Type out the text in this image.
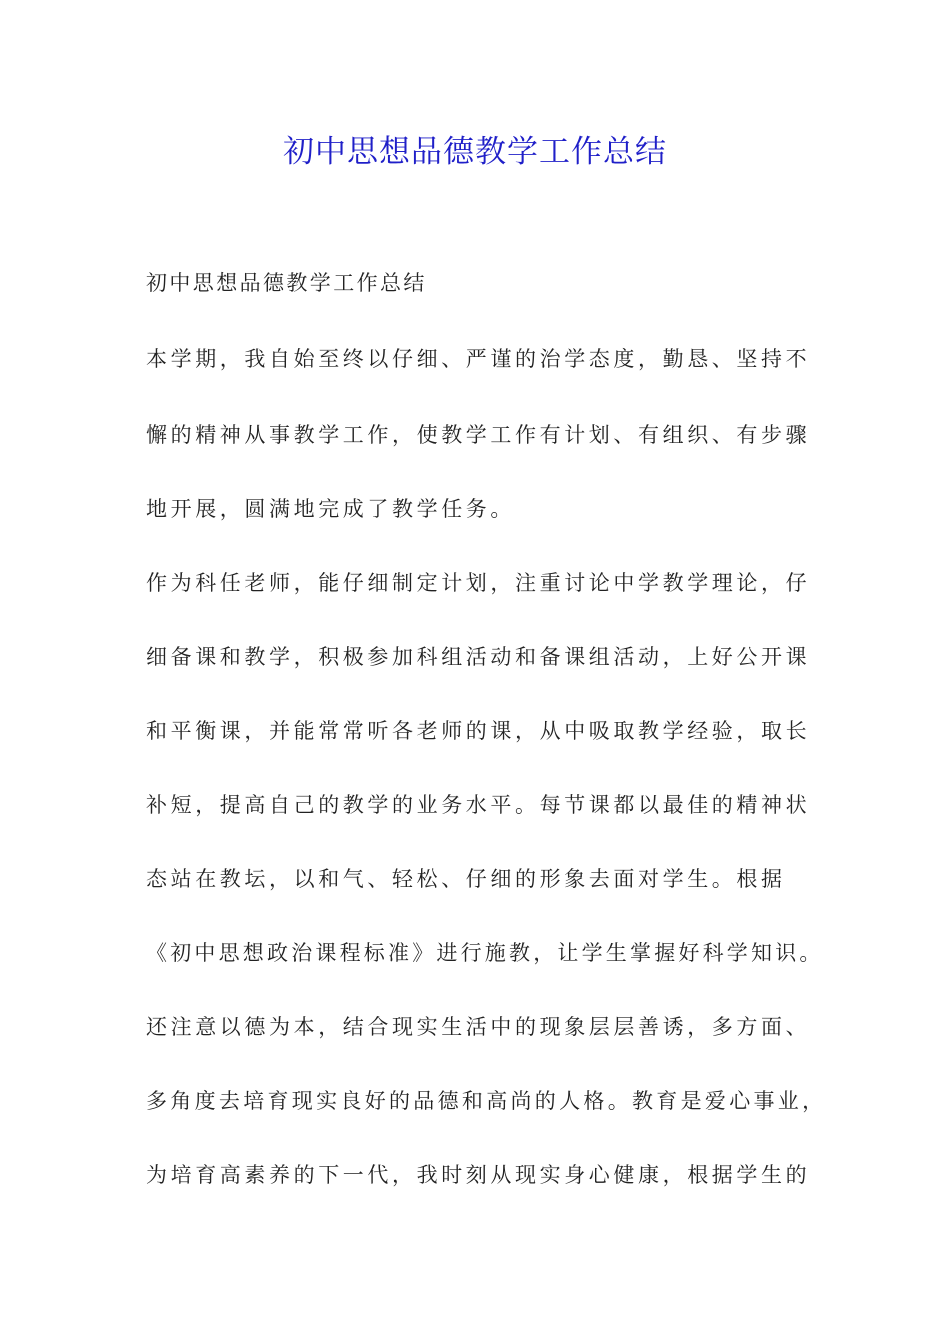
初中思想品德教学工作总结

初中思想品德教学工作总结

本学期，我自始至终以仔细、严谨的治学态度，勤恳、坚持不

懈的精神从事教学工作，使教学工作有计划、有组织、有步骤

地开展，圆满地完成了教学任务。

作为科任老师，能仔细制定计划，注重讨论中学教学理论，仔

细备课和教学，积极参加科组活动和备课组活动，上好公开课

和平衡课，并能常常听各老师的课，从中吸取教学经验，取长

补短，提高自己的教学的业务水平。每节课都以最佳的精神状

态站在教坛，以和气、轻松、仔细的形象去面对学生。根据

《初中思想政治课程标准》进行施教，让学生掌握好科学知识。

还注意以德为本，结合现实生活中的现象层层善诱，多方面、

多角度去培育现实良好的品德和高尚的人格。教育是爱心事业，

为培育高素养的下一代，我时刻从现实身心健康，根据学生的
